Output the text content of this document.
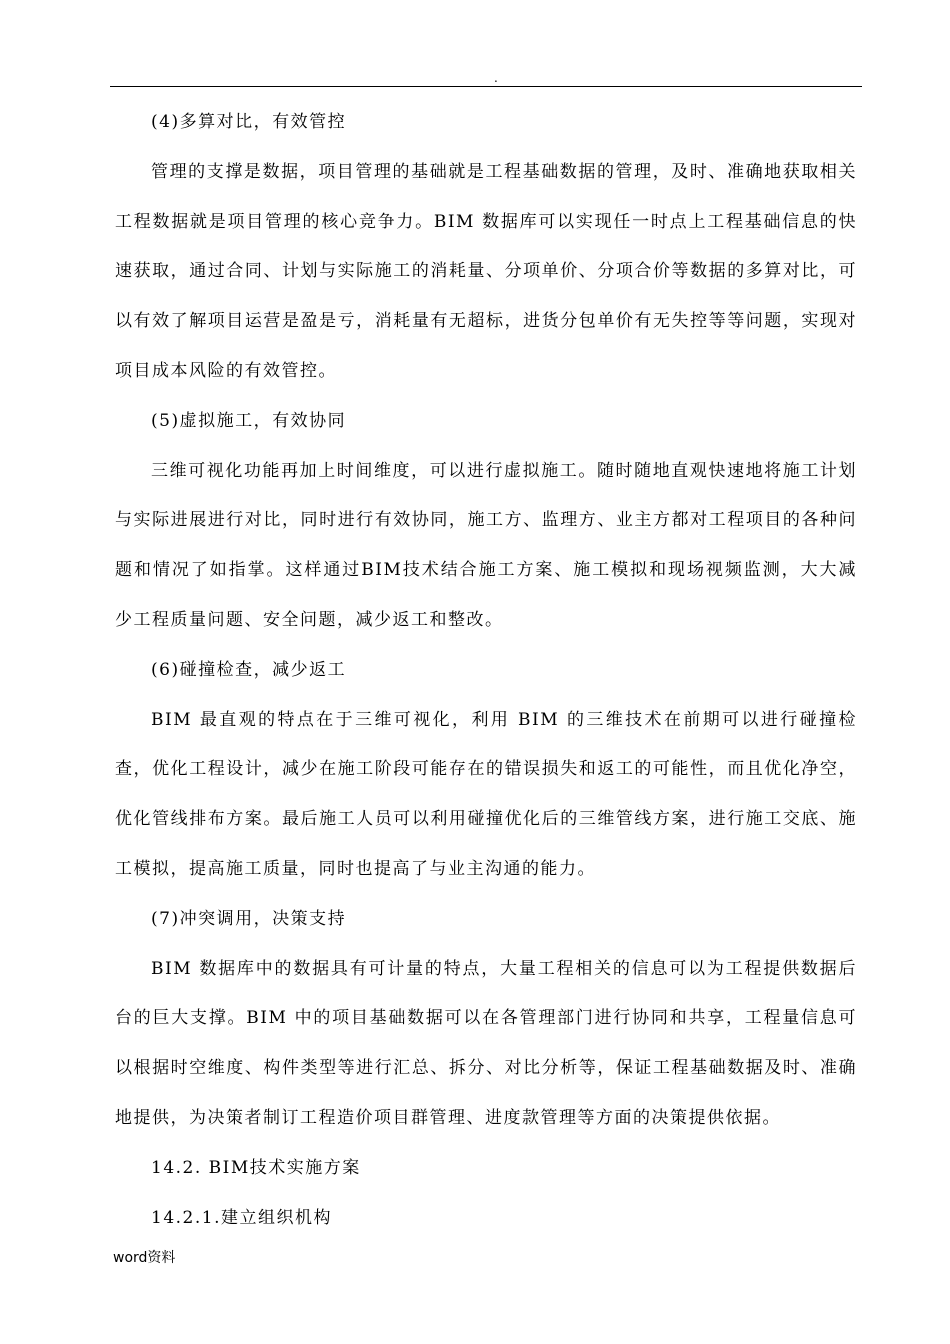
.

(4)多算对比，有效管控

管理的支撑是数据，项目管理的基础就是工程基础数据的管理，及时、准确地获取相关工程数据就是项目管理的核心竞争力。BIM 数据库可以实现任一时点上工程基础信息的快速获取，通过合同、计划与实际施工的消耗量、分项单价、分项合价等数据的多算对比，可以有效了解项目运营是盈是亏，消耗量有无超标，进货分包单价有无失控等等问题，实现对项目成本风险的有效管控。

(5)虚拟施工，有效协同

三维可视化功能再加上时间维度，可以进行虚拟施工。随时随地直观快速地将施工计划与实际进展进行对比，同时进行有效协同，施工方、监理方、业主方都对工程项目的各种问题和情况了如指掌。这样通过BIM技术结合施工方案、施工模拟和现场视频监测，大大减少工程质量问题、安全问题，减少返工和整改。

(6)碰撞检查，减少返工

BIM 最直观的特点在于三维可视化，利用 BIM 的三维技术在前期可以进行碰撞检查，优化工程设计，减少在施工阶段可能存在的错误损失和返工的可能性，而且优化净空，优化管线排布方案。最后施工人员可以利用碰撞优化后的三维管线方案，进行施工交底、施工模拟，提高施工质量，同时也提高了与业主沟通的能力。

(7)冲突调用，决策支持

BIM 数据库中的数据具有可计量的特点，大量工程相关的信息可以为工程提供数据后台的巨大支撑。BIM 中的项目基础数据可以在各管理部门进行协同和共享，工程量信息可以根据时空维度、构件类型等进行汇总、拆分、对比分析等，保证工程基础数据及时、准确地提供，为决策者制订工程造价项目群管理、进度款管理等方面的决策提供依据。

14.2. BIM技术实施方案

14.2.1.建立组织机构

word资料
